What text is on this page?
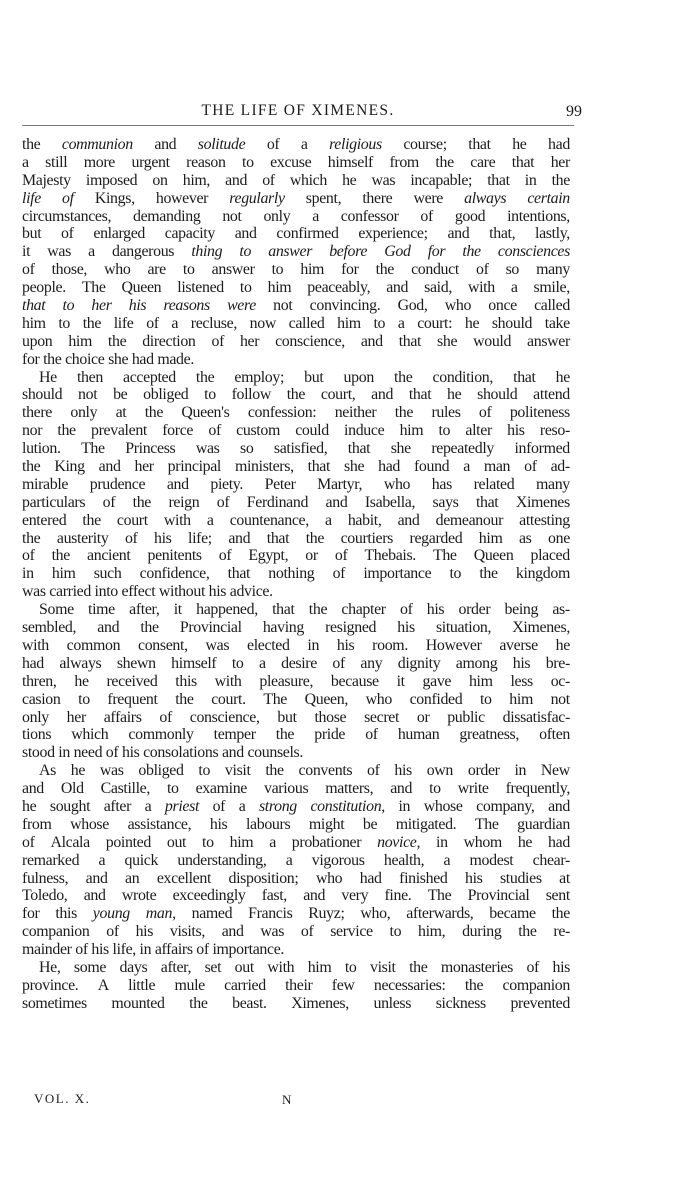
THE LIFE OF XIMENES.	99
the communion and solitude of a religious course; that he had
a still more urgent reason to excuse himself from the care that her
Majesty imposed on him, and of which he was incapable; that in the
life of Kings, however regularly spent, there were always certain
circumstances, demanding not only a confessor of good intentions,
but of enlarged capacity and confirmed experience; and that, lastly,
it was a dangerous thing to answer before God for the consciences
of those, who are to answer to him for the conduct of so many
people. The Queen listened to him peaceably, and said, with a smile,
that to her his reasons were not convincing. God, who once called
him to the life of a recluse, now called him to a court: he should take
upon him the direction of her conscience, and that she would answer
for the choice she had made.
He then accepted the employ; but upon the condition, that he
should not be obliged to follow the court, and that he should attend
there only at the Queen's confession: neither the rules of politeness
nor the prevalent force of custom could induce him to alter his reso-
lution. The Princess was so satisfied, that she repeatedly informed
the King and her principal ministers, that she had found a man of ad-
mirable prudence and piety. Peter Martyr, who has related many
particulars of the reign of Ferdinand and Isabella, says that Ximenes
entered the court with a countenance, a habit, and demeanour attesting
the austerity of his life; and that the courtiers regarded him as one
of the ancient penitents of Egypt, or of Thebais. The Queen placed
in him such confidence, that nothing of importance to the kingdom
was carried into effect without his advice.
Some time after, it happened, that the chapter of his order being as-
sembled, and the Provincial having resigned his situation, Ximenes,
with common consent, was elected in his room. However averse he
had always shewn himself to a desire of any dignity among his bre-
thren, he received this with pleasure, because it gave him less oc-
casion to frequent the court. The Queen, who confided to him not
only her affairs of conscience, but those secret or public dissatisfac-
tions which commonly temper the pride of human greatness, often
stood in need of his consolations and counsels.
As he was obliged to visit the convents of his own order in New
and Old Castille, to examine various matters, and to write frequently,
he sought after a priest of a strong constitution, in whose company, and
from whose assistance, his labours might be mitigated. The guardian
of Alcala pointed out to him a probationer novice, in whom he had
remarked a quick understanding, a vigorous health, a modest chear-
fulness, and an excellent disposition; who had finished his studies at
Toledo, and wrote exceedingly fast, and very fine. The Provincial sent
for this young man, named Francis Ruyz; who, afterwards, became the
companion of his visits, and was of service to him, during the re-
mainder of his life, in affairs of importance.
He, some days after, set out with him to visit the monasteries of his
province. A little mule carried their few necessaries: the companion
sometimes mounted the beast. Ximenes, unless sickness prevented
VOL. X.	N
